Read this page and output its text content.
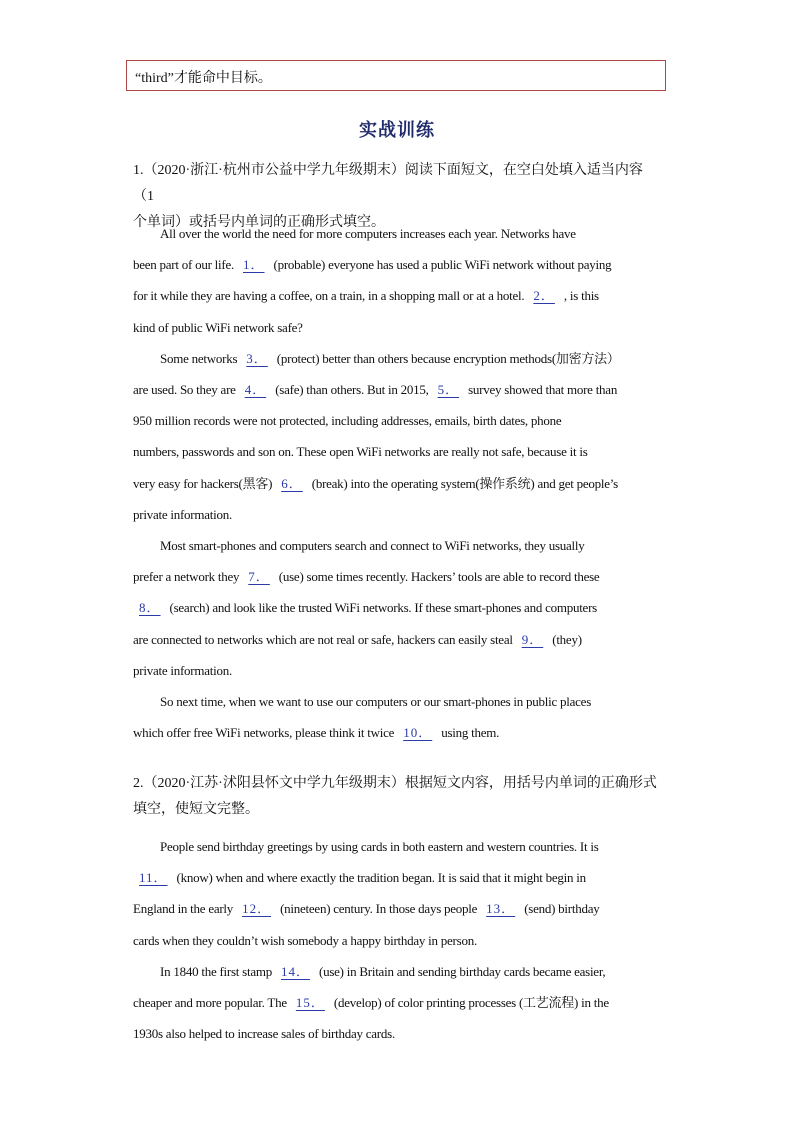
“third”才能命中目标。
实战训练
1.（2020·浙江·杭州市公益中学九年级期末）阅读下面短文，在空白处填入适当内容（1
个单词）或括号内单词的正确形式填空。
All over the world the need for more computers increases each year. Networks have
been part of our life. 1． (probable) everyone has used a public WiFi network without paying
for it while they are having a coffee, on a train, in a shopping mall or at a hotel. 2． , is this
kind of public WiFi network safe?
Some networks 3． (protect) better than others because encryption methods(加密方法）
are used. So they are 4． (safe) than others. But in 2015, 5． survey showed that more than
950 million records were not protected, including addresses, emails, birth dates, phone
numbers, passwords and son on. These open WiFi networks are really not safe, because it is
very easy for hackers(黑客) 6． (break) into the operating system(操作系统) and get people’s
private information.
Most smart-phones and computers search and connect to WiFi networks, they usually
prefer a network they 7． (use) some times recently. Hackers’ tools are able to record these
8． (search) and look like the trusted WiFi networks. If these smart-phones and computers
are connected to networks which are not real or safe, hackers can easily steal 9． (they)
private information.
So next time, when we want to use our computers or our smart-phones in public places
which offer free WiFi networks, please think it twice 10． using them.
2.（2020·江苏·沭阳县怀文中学九年级期末）根据短文内容，用括号内单词的正确形式
填空，使短文完整。
People send birthday greetings by using cards in both eastern and western countries. It is
11． (know) when and where exactly the tradition began. It is said that it might begin in
England in the early 12． (nineteen) century. In those days people 13． (send) birthday
cards when they couldn’t wish somebody a happy birthday in person.
In 1840 the first stamp 14． (use) in Britain and sending birthday cards became easier,
cheaper and more popular. The 15． (develop) of color printing processes (工艺流程) in the
1930s also helped to increase sales of birthday cards.
